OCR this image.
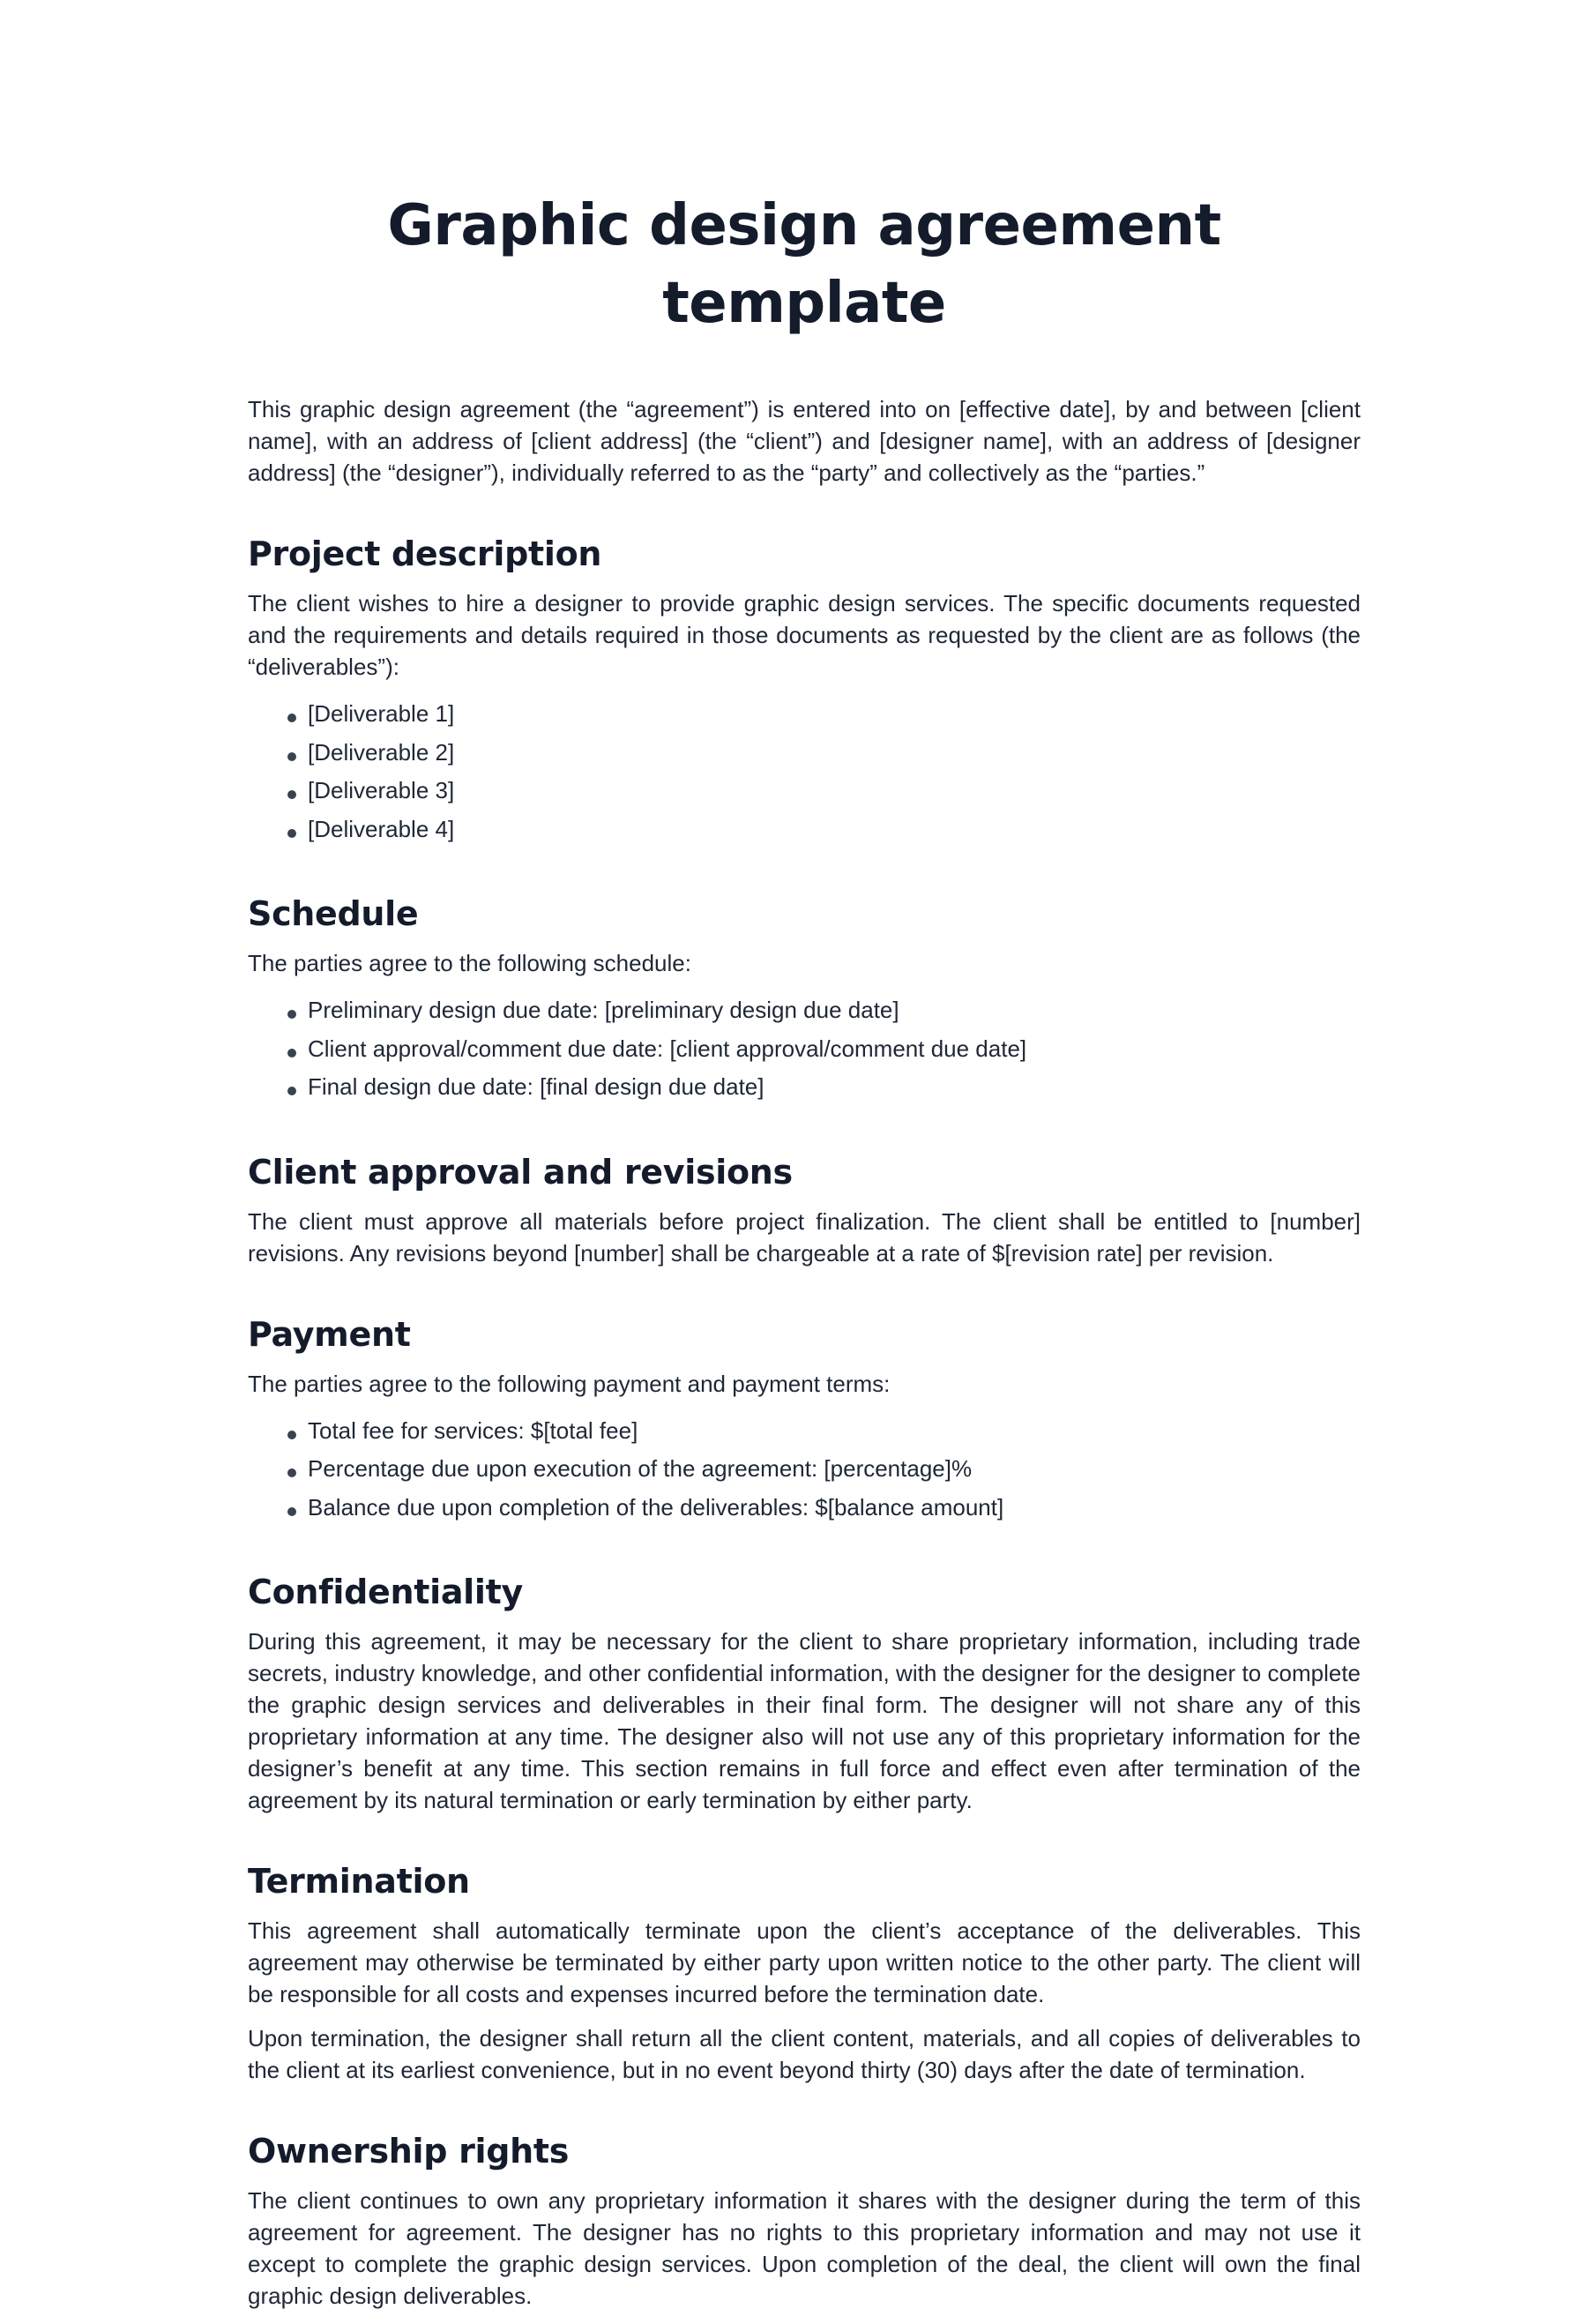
Graphic design agreement template

This graphic design agreement (the “agreement”) is entered into on [effective date], by and between [client name], with an address of [client address] (the “client”) and [designer name], with an address of [designer address] (the “designer”), individually referred to as the “party” and collectively as the “parties.”

Project description

The client wishes to hire a designer to provide graphic design services. The specific documents requested and the requirements and details required in those documents as requested by the client are as follows (the “deliverables”):

[Deliverable 1]
[Deliverable 2]
[Deliverable 3]
[Deliverable 4]
Schedule

The parties agree to the following schedule:

Preliminary design due date: [preliminary design due date]
Client approval/comment due date: [client approval/comment due date]
Final design due date: [final design due date]
Client approval and revisions

The client must approve all materials before project finalization. The client shall be entitled to [number] revisions. Any revisions beyond [number] shall be chargeable at a rate of $[revision rate] per revision.

Payment

The parties agree to the following payment and payment terms:

Total fee for services: $[total fee]
Percentage due upon execution of the agreement: [percentage]%
Balance due upon completion of the deliverables: $[balance amount]
Confidentiality

During this agreement, it may be necessary for the client to share proprietary information, including trade secrets, industry knowledge, and other confidential information, with the designer for the designer to complete the graphic design services and deliverables in their final form. The designer will not share any of this proprietary information at any time. The designer also will not use any of this proprietary information for the designer’s benefit at any time. This section remains in full force and effect even after termination of the agreement by its natural termination or early termination by either party.

Termination

This agreement shall automatically terminate upon the client’s acceptance of the deliverables. This agreement may otherwise be terminated by either party upon written notice to the other party. The client will be responsible for all costs and expenses incurred before the termination date.

Upon termination, the designer shall return all the client content, materials, and all copies of deliverables to the client at its earliest convenience, but in no event beyond thirty (30) days after the date of termination.

Ownership rights

The client continues to own any proprietary information it shares with the designer during the term of this agreement for agreement. The designer has no rights to this proprietary information and may not use it except to complete the graphic design services. Upon completion of the deal, the client will own the final graphic design deliverables.
